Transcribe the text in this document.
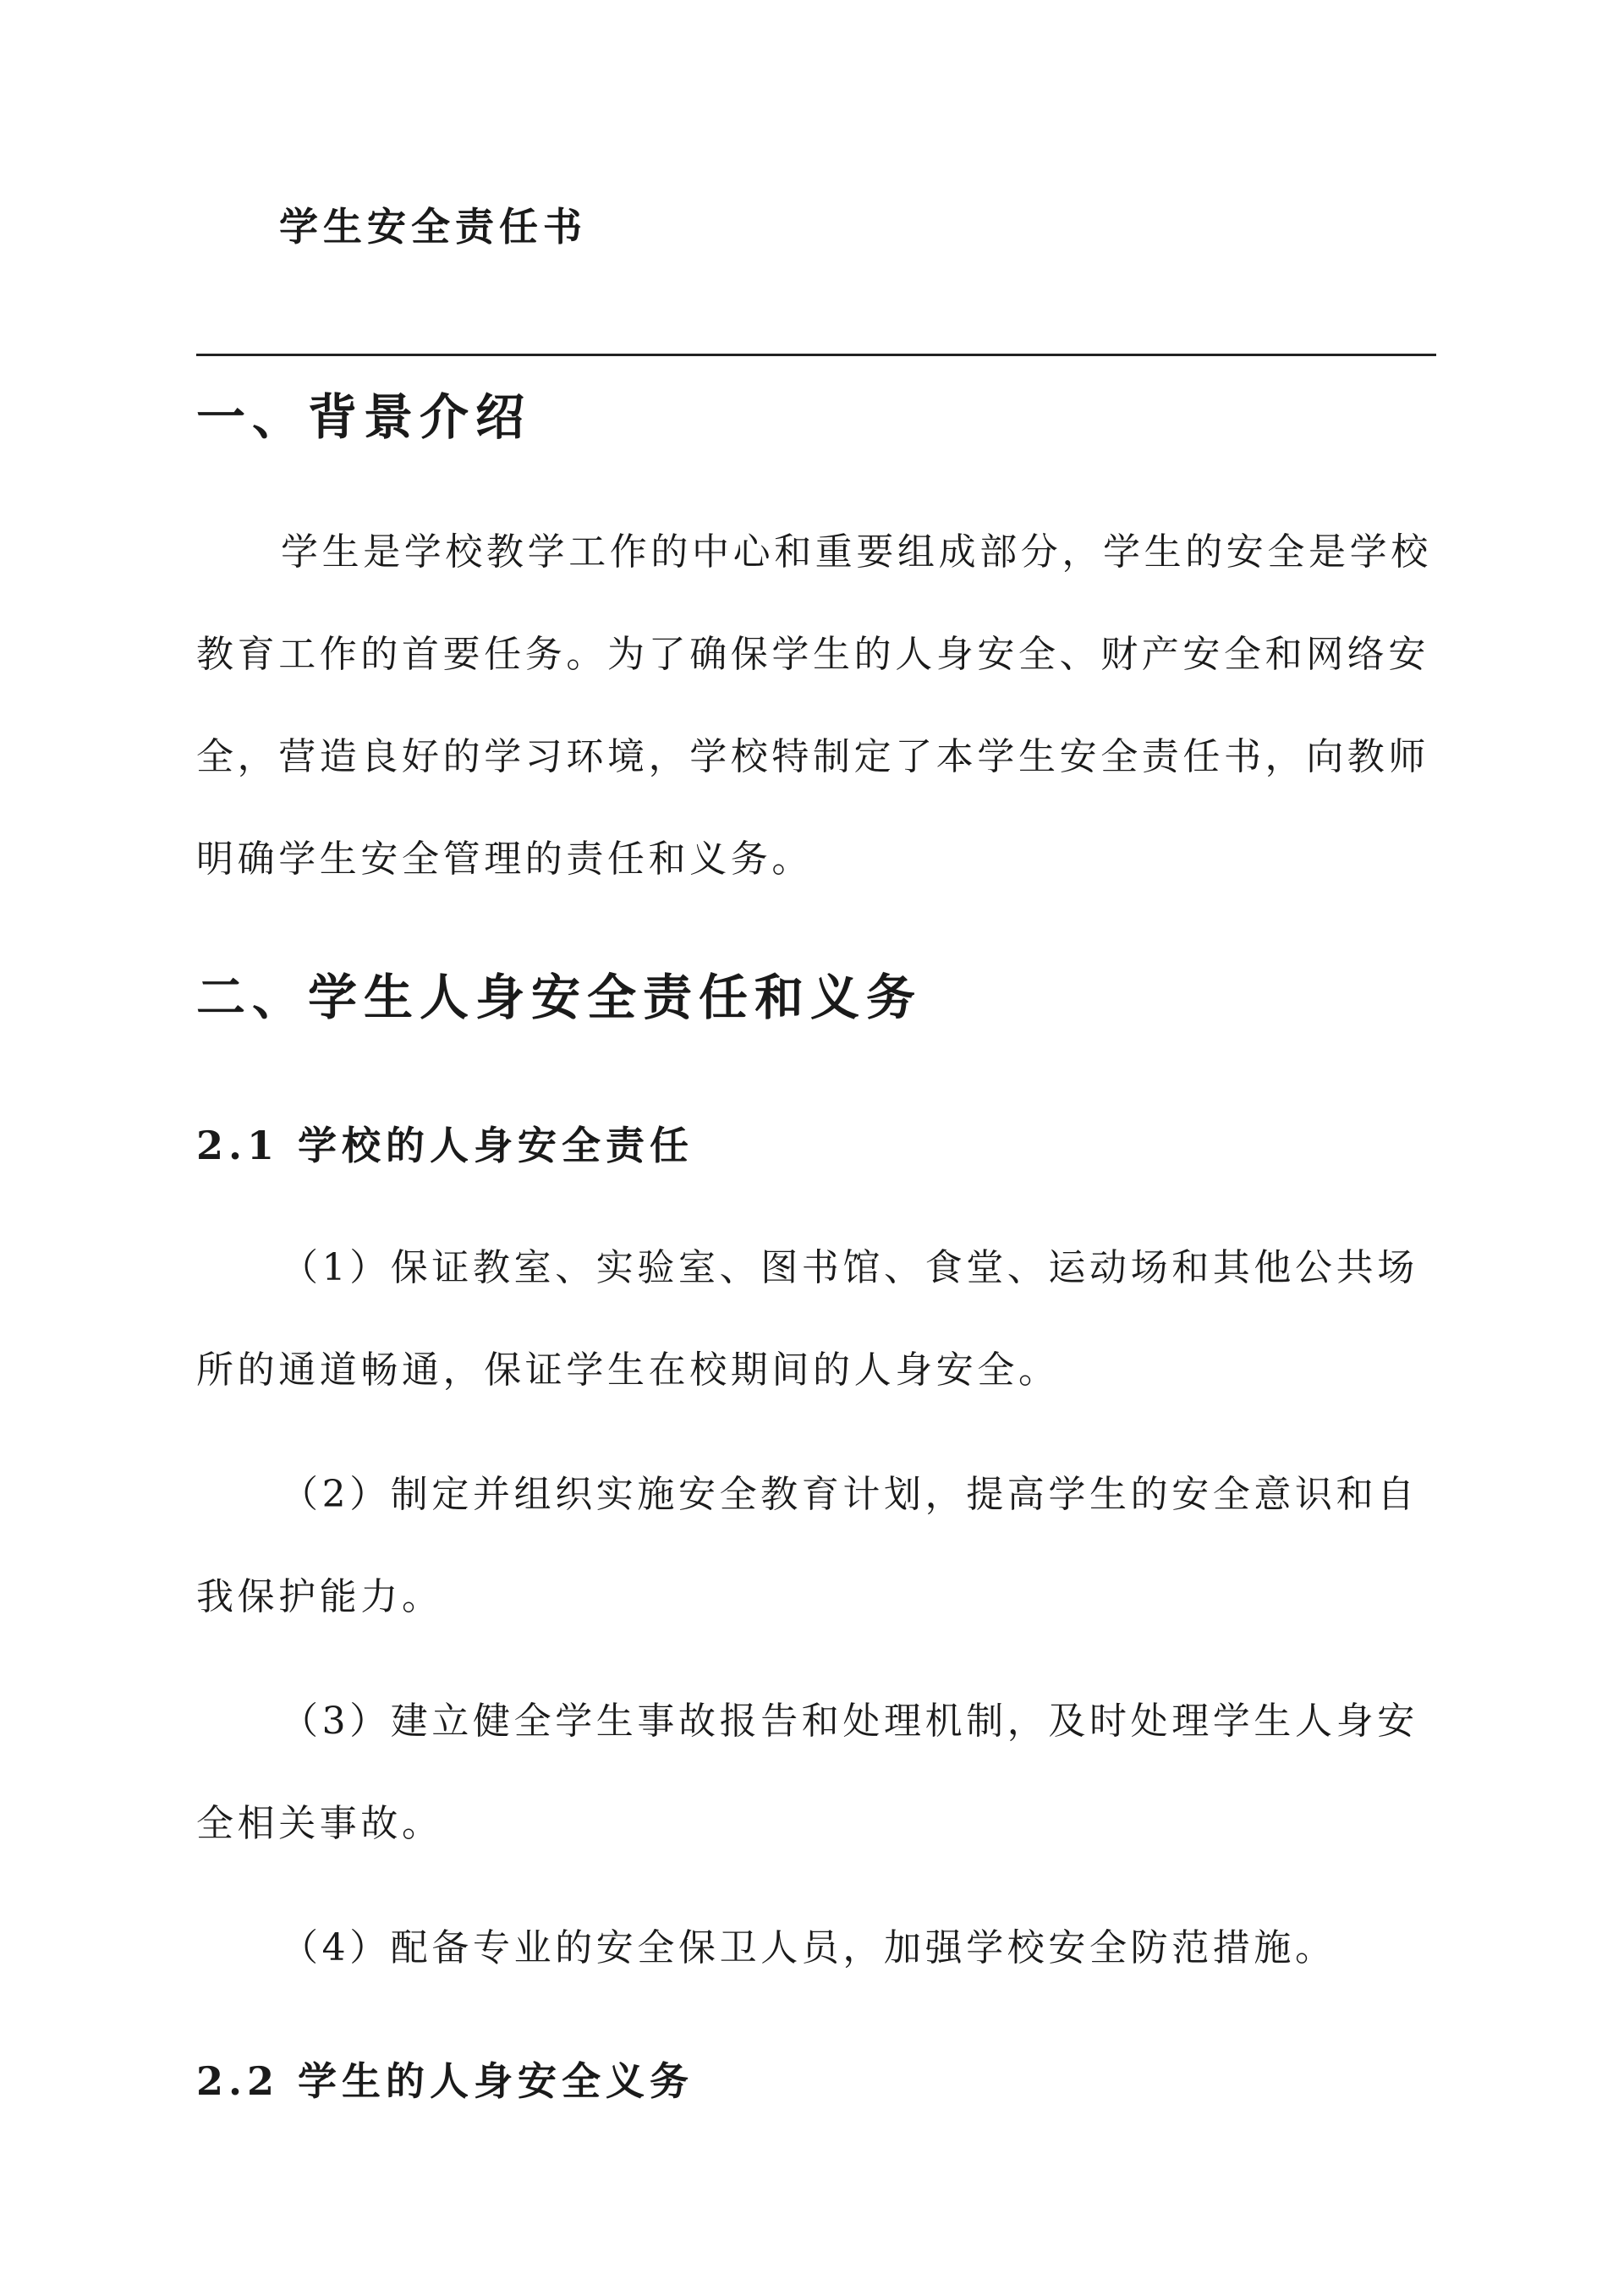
学生安全责任书
一、背景介绍

学生是学校教学工作的中心和重要组成部分，学生的安全是学校教育工作的首要任务。为了确保学生的人身安全、财产安全和网络安全，营造良好的学习环境，学校特制定了本学生安全责任书，向教师明确学生安全管理的责任和义务。

二、学生人身安全责任和义务
2.1 学校的人身安全责任

（1）保证教室、实验室、图书馆、食堂、运动场和其他公共场所的通道畅通，保证学生在校期间的人身安全。

（2）制定并组织实施安全教育计划，提高学生的安全意识和自我保护能力。

（3）建立健全学生事故报告和处理机制，及时处理学生人身安全相关事故。

（4）配备专业的安全保卫人员，加强学校安全防范措施。

2.2 学生的人身安全义务
